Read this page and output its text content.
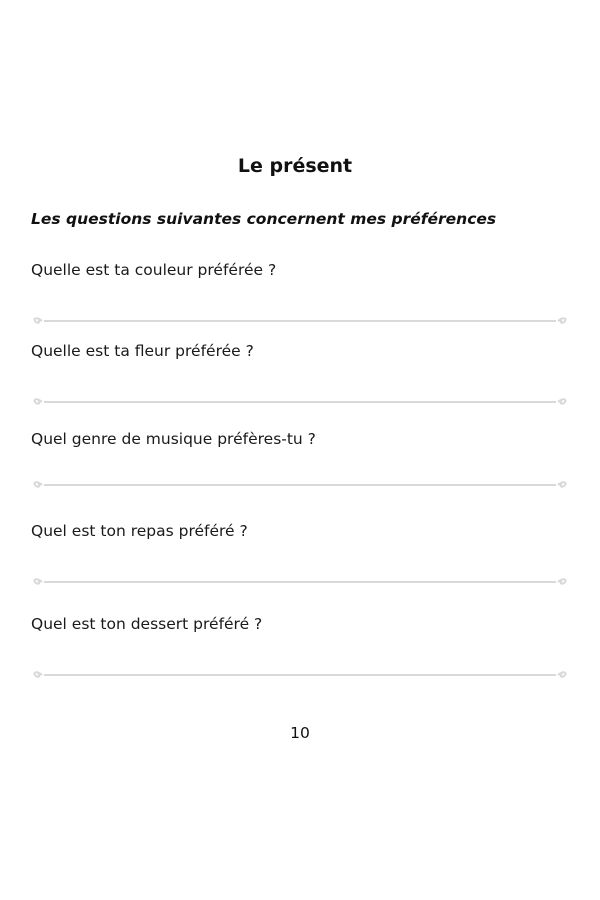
Le présent
Les questions suivantes concernent mes préférences
Quelle est ta couleur préférée ?
Quelle est ta fleur préférée ?
Quel genre de musique préfères-tu ?
Quel est ton repas préféré ?
Quel est ton dessert préféré ?
10
